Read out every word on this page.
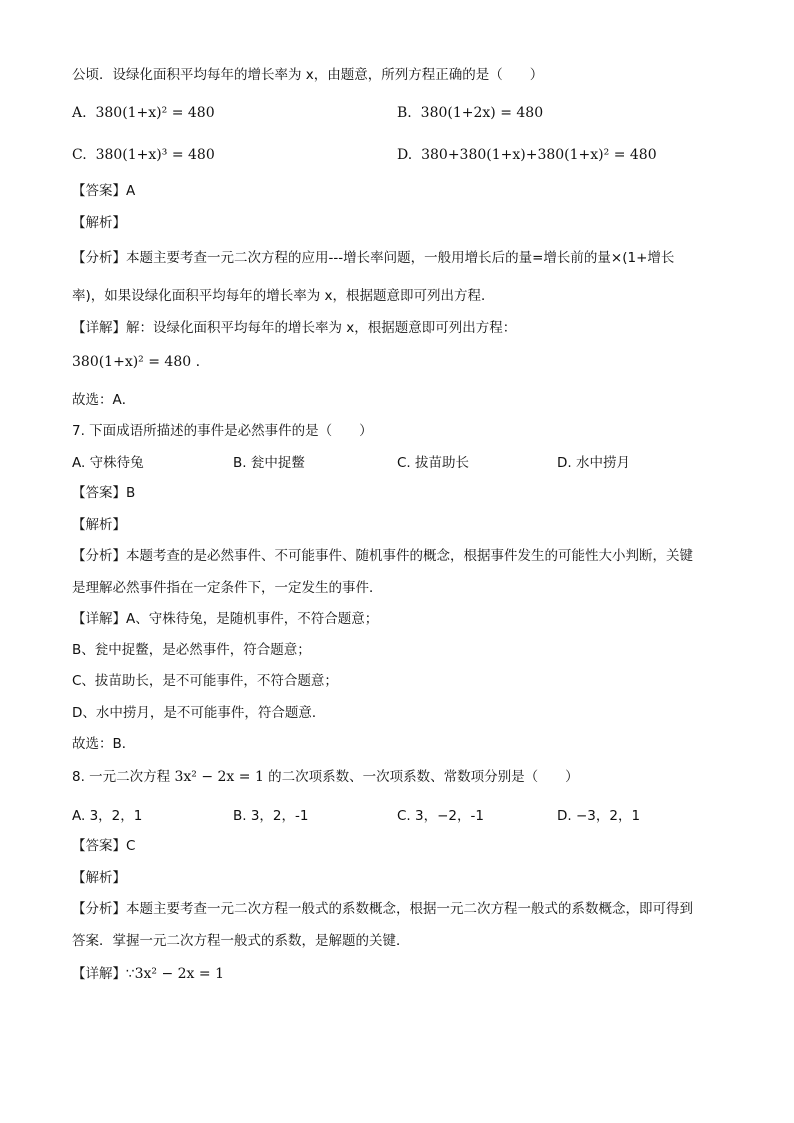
公顷．设绿化面积平均每年的增长率为 x，由题意，所列方程正确的是（　　）
A. 380(1+x)² = 480	B. 380(1+2x) = 480
C. 380(1+x)³ = 480	D. 380+380(1+x)+380(1+x)² = 480
【答案】A
【解析】
【分析】本题主要考查一元二次方程的应用---增长率问题，一般用增长后的量=增长前的量×(1+增长
率)，如果设绿化面积平均每年的增长率为 x，根据题意即可列出方程．
【详解】解：设绿化面积平均每年的增长率为 x，根据题意即可列出方程：
380(1+x)² = 480 .
故选：A．
7. 下面成语所描述的事件是必然事件的是（　　）
A. 守株待兔	B. 瓮中捉鳖	C. 拔苗助长	D. 水中捞月
【答案】B
【解析】
【分析】本题考查的是必然事件、不可能事件、随机事件的概念，根据事件发生的可能性大小判断，关键
是理解必然事件指在一定条件下，一定发生的事件．
【详解】A、守株待兔，是随机事件，不符合题意；
B、瓮中捉鳖，是必然事件，符合题意；
C、拔苗助长，是不可能事件，不符合题意；
D、水中捞月，是不可能事件，符合题意．
故选：B．
8. 一元二次方程 3x² − 2x = 1 的二次项系数、一次项系数、常数项分别是（　　）
A. 3，2，1	B. 3，2，-1	C. 3，−2，-1	D. −3，2，1
【答案】C
【解析】
【分析】本题主要考查一元二次方程一般式的系数概念，根据一元二次方程一般式的系数概念，即可得到
答案．掌握一元二次方程一般式的系数，是解题的关键．
【详解】∵3x² − 2x = 1
